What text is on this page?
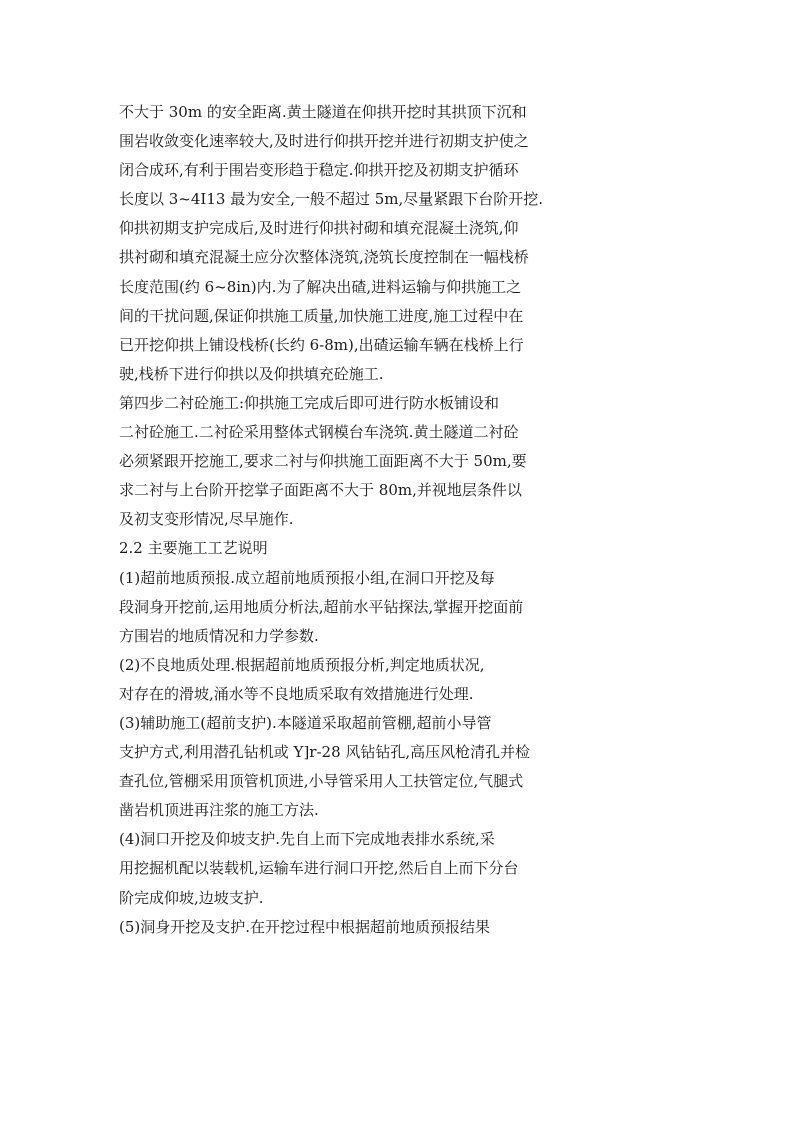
不大于 30m 的安全距离.黄土隧道在仰拱开挖时其拱顶下沉和
围岩收敛变化速率较大,及时进行仰拱开挖并进行初期支护使之
闭合成环,有利于围岩变形趋于稳定.仰拱开挖及初期支护循环
长度以 3~4I13 最为安全,一般不超过 5m,尽量紧跟下台阶开挖.
仰拱初期支护完成后,及时进行仰拱衬砌和填充混凝土浇筑,仰
拱衬砌和填充混凝土应分次整体浇筑,浇筑长度控制在一幅栈桥
长度范围(约 6~8in)内.为了解决出碴,进料运输与仰拱施工之
间的干扰问题,保证仰拱施工质量,加快施工进度,施工过程中在
已开挖仰拱上铺设栈桥(长约 6-8m),出碴运输车辆在栈桥上行
驶,栈桥下进行仰拱以及仰拱填充砼施工.
第四步二衬砼施工:仰拱施工完成后即可进行防水板铺设和
二衬砼施工.二衬砼采用整体式钢模台车浇筑.黄土隧道二衬砼
必须紧跟开挖施工,要求二衬与仰拱施工面距离不大于 50m,要
求二衬与上台阶开挖掌子面距离不大于 80m,并视地层条件以
及初支变形情况,尽早施作.
2.2 主要施工工艺说明
(1)超前地质预报.成立超前地质预报小组,在洞口开挖及每
段洞身开挖前,运用地质分析法,超前水平钻探法,掌握开挖面前
方围岩的地质情况和力学参数.
(2)不良地质处理.根据超前地质预报分析,判定地质状况,
对存在的滑坡,涌水等不良地质采取有效措施进行处理.
(3)辅助施工(超前支护).本隧道采取超前管棚,超前小导管
支护方式,利用潜孔钻机或 Y]r-28 风钻钻孔,高压风枪清孔并检
查孔位,管棚采用顶管机顶进,小导管采用人工扶管定位,气腿式
凿岩机顶进再注浆的施工方法.
(4)洞口开挖及仰坡支护.先自上而下完成地表排水系统,采
用挖掘机配以装载机,运输车进行洞口开挖,然后自上而下分台
阶完成仰坡,边坡支护.
(5)洞身开挖及支护.在开挖过程中根据超前地质预报结果
